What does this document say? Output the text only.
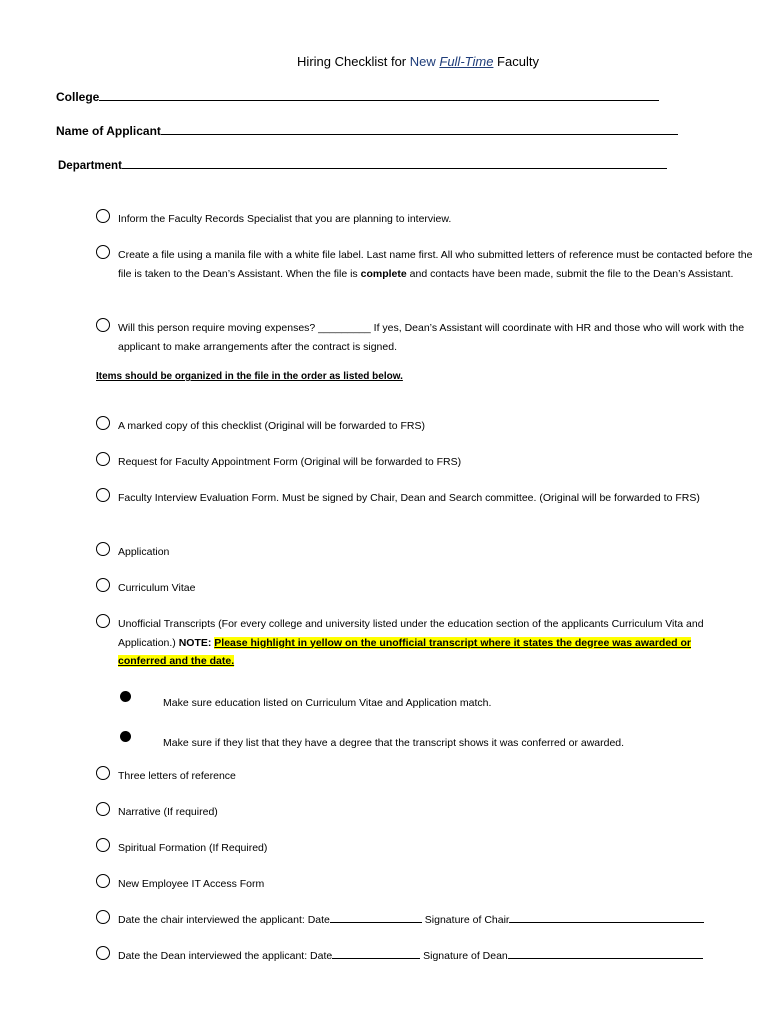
Hiring Checklist for New Full-Time Faculty
College
Name of Applicant
Department
Inform the Faculty Records Specialist that you are planning to interview.
Create a file using a manila file with a white file label. Last name first. All who submitted letters of reference must be contacted before the file is taken to the Dean’s Assistant. When the file is complete and contacts have been made, submit the file to the Dean’s Assistant.
Will this person require moving expenses? _________ If yes, Dean’s Assistant will coordinate with HR and those who will work with the applicant to make arrangements after the contract is signed.
Items should be organized in the file in the order as listed below.
A marked copy of this checklist (Original will be forwarded to FRS)
Request for Faculty Appointment Form (Original will be forwarded to FRS)
Faculty Interview Evaluation Form. Must be signed by Chair, Dean and Search committee. (Original will be forwarded to FRS)
Application
Curriculum Vitae
Unofficial Transcripts (For every college and university listed under the education section of the applicants Curriculum Vita and Application.) NOTE: Please highlight in yellow on the unofficial transcript where it states the degree was awarded or conferred and the date.
Make sure education listed on Curriculum Vitae and Application match.
Make sure if they list that they have a degree that the transcript shows it was conferred or awarded.
Three letters of reference
Narrative (If required)
Spiritual Formation (If Required)
New Employee IT Access Form
Date the chair interviewed the applicant: Date	Signature of Chair
Date the Dean interviewed the applicant: Date	Signature of Dean
